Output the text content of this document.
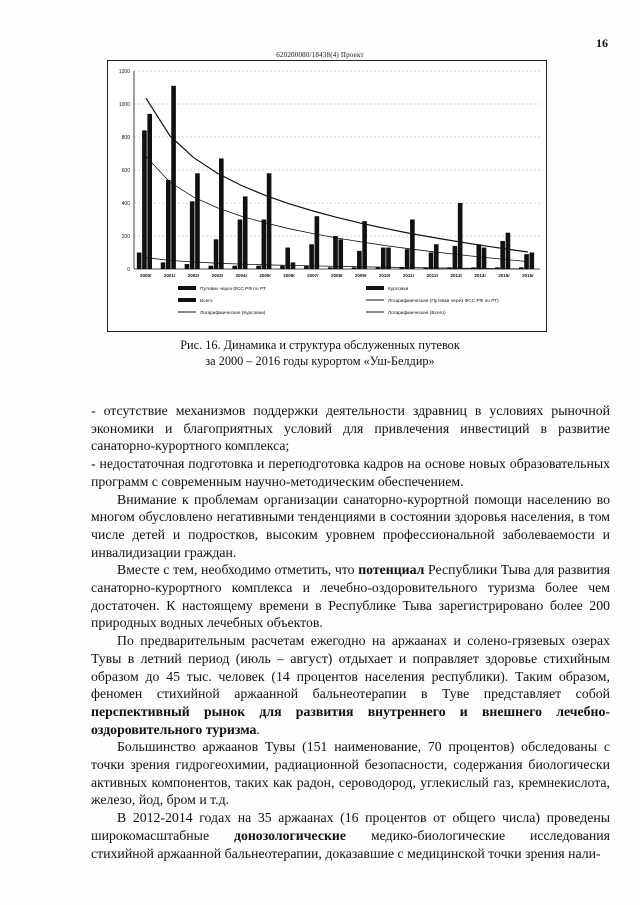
16
620200080/18438(4) Проект
0
200
400
600
800
1000
1200
2000г	2001г	2002г	2003г	2004г	2005г	2006г	2007г	2008г	2009г	2010г	2011г	2012г	2013г	2014г	2015г	2016г
Путевки через ФСС РФ по РТ	Курсовки
Всего	Логарифмическая (Путевки через ФСС РФ по РТ)
Логарифмическая (Курсовки)	Логарифмическая (Всего)
Рис. 16. Динамика и структура обслуженных путевок
за 2000 – 2016 годы курортом «Уш-Белдир»

- отсутствие механизмов поддержки деятельности здравниц в условиях рыночной экономики и благоприятных условий для привлечения инвестиций в развитие санаторно-курортного комплекса;

- недостаточная подготовка и переподготовка кадров на основе новых образовательных программ с современным научно-методическим обеспечением.

Внимание к проблемам организации санаторно-курортной помощи населению во многом обусловлено негативными тенденциями в состоянии здоровья населения, в том числе детей и подростков, высоким уровнем профессиональной заболеваемости и инвалидизации граждан.

Вместе с тем, необходимо отметить, что потенциал Республики Тыва для развития санаторно-курортного комплекса и лечебно-оздоровительного туризма более чем достаточен. К настоящему времени в Республике Тыва зарегистрировано более 200 природных водных лечебных объектов.

По предварительным расчетам ежегодно на аржаанах и солено-грязевых озерах Тувы в летний период (июль – август) отдыхает и поправляет здоровье стихийным образом до 45 тыс. человек (14 процентов населения республики). Таким образом, феномен стихийной аржаанной бальнеотерапии в Туве представляет собой перспективный рынок для развития внутреннего и внешнего лечебно-оздоровительного туризма.

Большинство аржаанов Тувы (151 наименование, 70 процентов) обследованы с точки зрения гидрогеохимии, радиационной безопасности, содержания биологически активных компонентов, таких как радон, сероводород, углекислый газ, кремнекислота, железо, йод, бром и т.д.

В 2012-2014 годах на 35 аржаанах (16 процентов от общего числа) проведены широкомасштабные донозологические медико-биологические исследования стихийной аржаанной бальнеотерапии, доказавшие с медицинской точки зрения нали-
